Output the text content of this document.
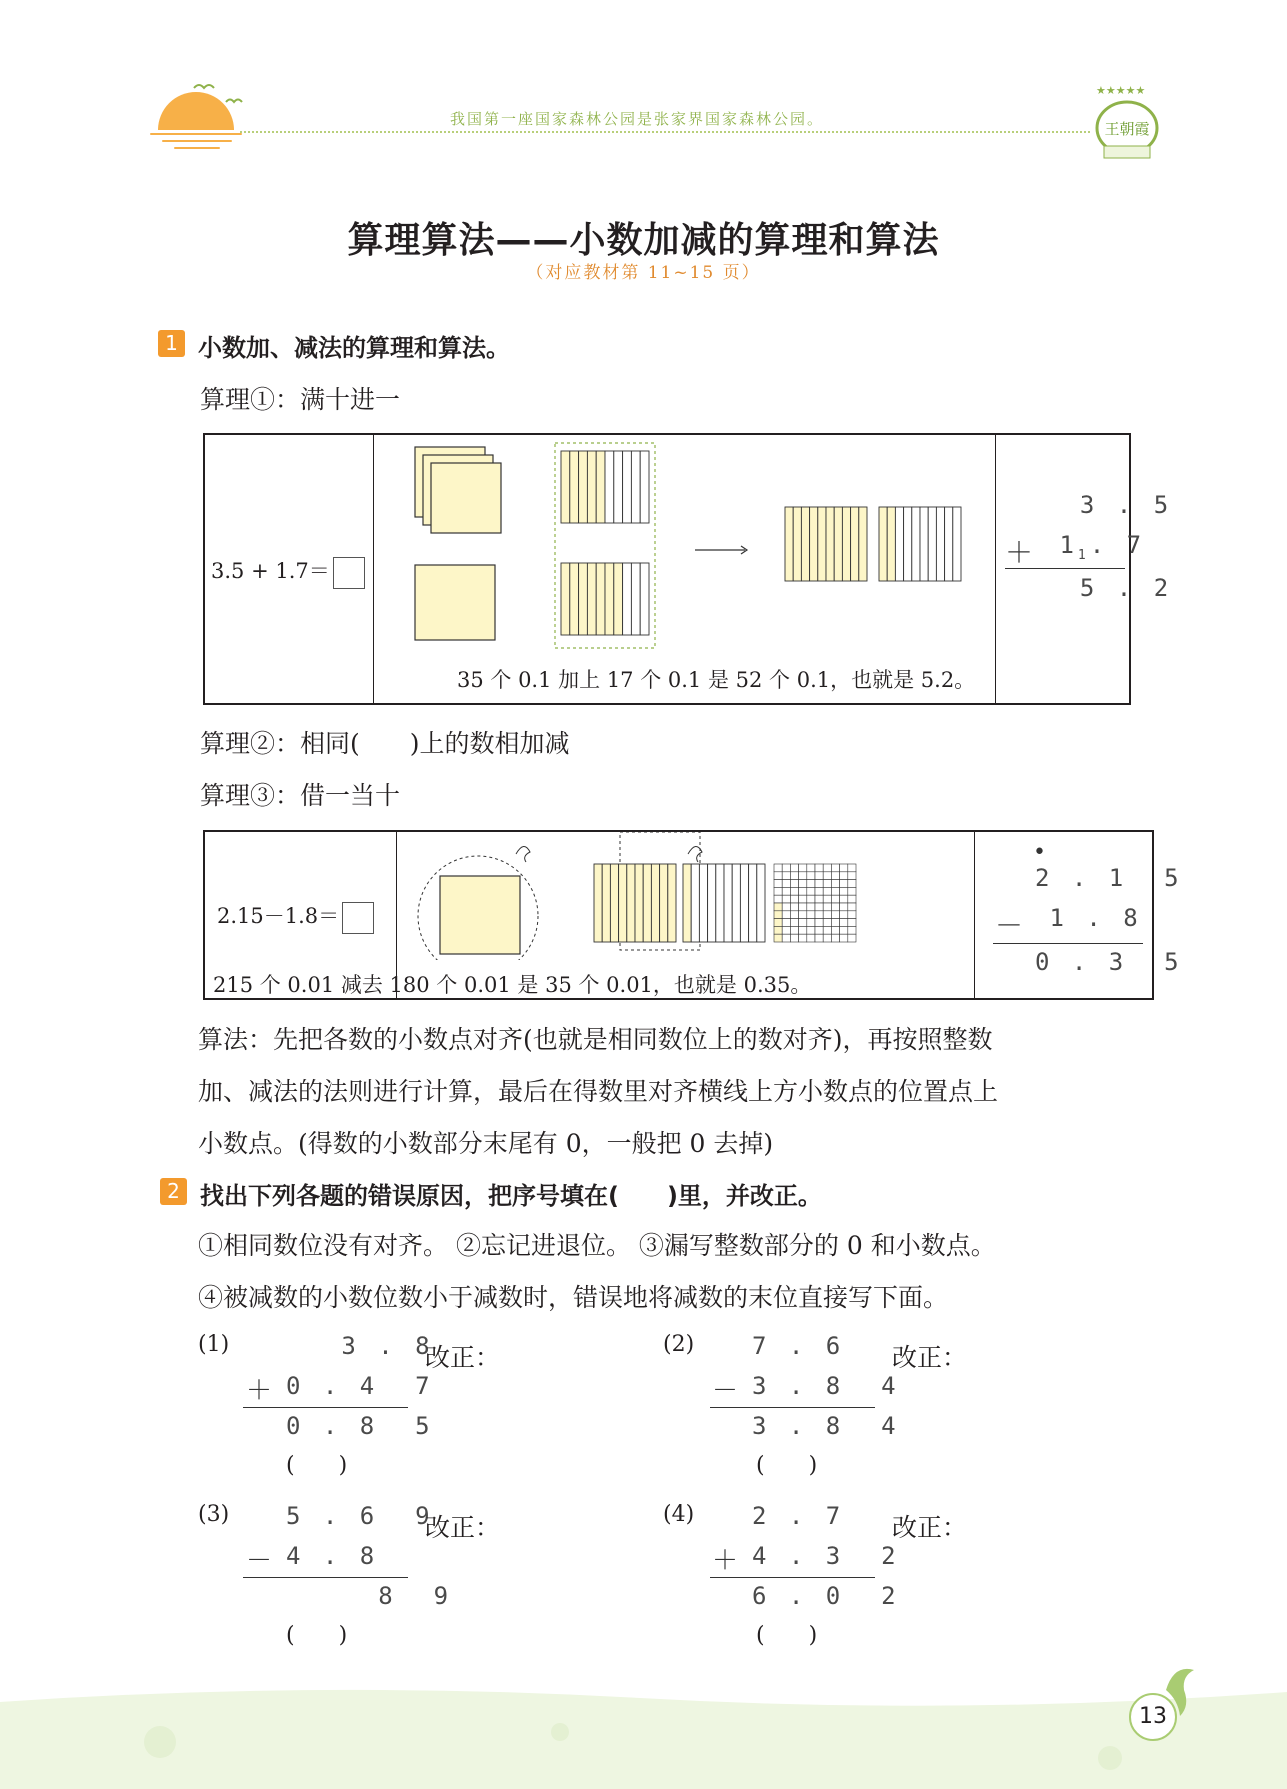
我国第一座国家森林公园是张家界国家森林公园。
★★★★★
王朝霞
算理算法——小数加减的算理和算法
（对应教材第 11~15 页）
1 小数加、减法的算理和算法。
算理①：满十进一
3.5 + 1.7＝
35 个 0.1 加上 17 个 0.1 是 52 个 0.1，也就是 5.2。
3 . 5
＋ $1_1$. 7
5 . 2
算理②：相同(　　)上的数相加减
算理③：借一当十
2.15－1.8＝
215 个 0.01 减去 180 个 0.01 是 35 个 0.01，也就是 0.35。
•
2 . 1  5
－ 1 . 8
0 . 3  5
算法：先把各数的小数点对齐(也就是相同数位上的数对齐)，再按照整数
加、减法的法则进行计算，最后在得数里对齐横线上方小数点的位置点上
小数点。(得数的小数部分末尾有 0，一般把 0 去掉)
2 找出下列各题的错误原因，把序号填在(　　)里，并改正。
①相同数位没有对齐。 ②忘记进退位。 ③漏写整数部分的 0 和小数点。
④被减数的小数位数小于减数时，错误地将减数的末位直接写下面。
(1) 3 . 8
＋ 0 . 4  7
0 . 8  5
(　　)
改正：	(2) 7 . 6
－ 3 . 8  4
3 . 8  4
(　　)
改正：
(3) 5 . 6  9
－ 4 . 8
8  9
(　　)
改正：	(4) 2 . 7
＋ 4 . 3  2
6 . 0  2
(　　)
改正：
13
